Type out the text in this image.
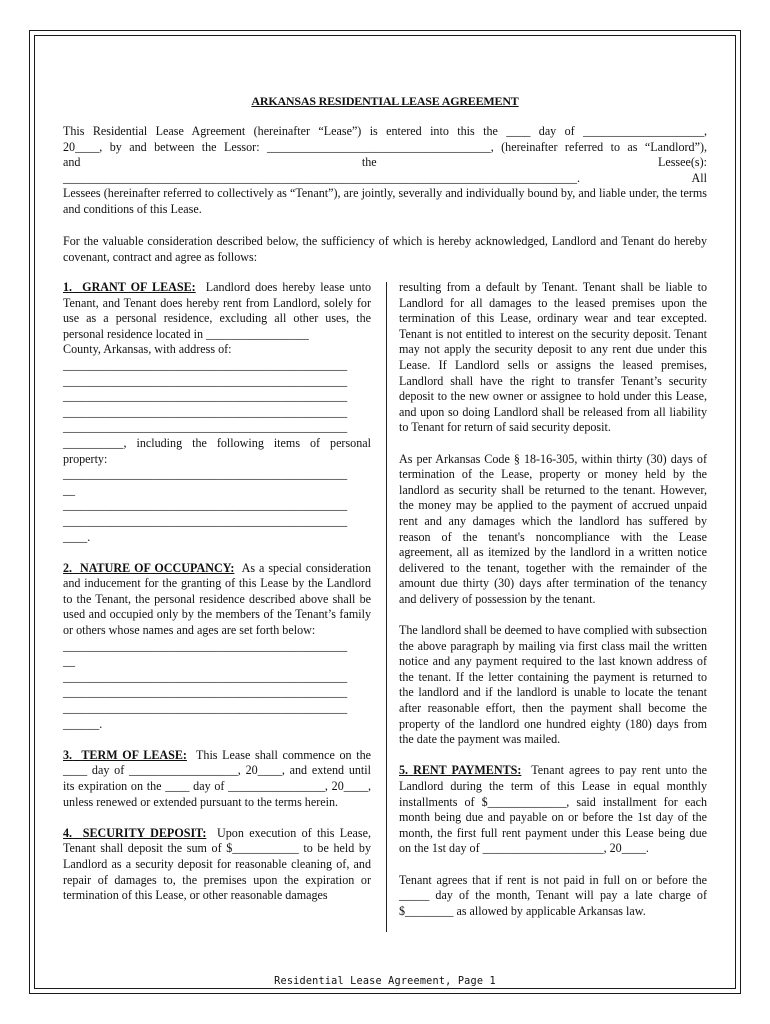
ARKANSAS RESIDENTIAL LEASE AGREEMENT
This Residential Lease Agreement (hereinafter “Lease”) is entered into this the ____ day of ____________________,
20____, by and between the Lessor: _____________________________________, (hereinafter referred to as “Landlord”),
and	the	Lessee(s):
_____________________________________________________________________________________. All
Lessees (hereinafter referred to collectively as “Tenant”), are jointly, severally and individually bound by, and liable under, the terms and conditions of this Lease.
For the valuable consideration described below, the sufficiency of which is hereby acknowledged, Landlord and Tenant do hereby covenant, contract and agree as follows:

1. GRANT OF LEASE: Landlord does hereby lease unto Tenant, and Tenant does hereby rent from Landlord, solely for use as a personal residence, excluding all other uses, the personal residence located in _________________

County, Arkansas, with address of:

_______________________________________________

_______________________________________________

_______________________________________________

_______________________________________________

_______________________________________________

__________, including the following items of personal

property:

_______________________________________________

__

_______________________________________________

_______________________________________________

____.

2. NATURE OF OCCUPANCY: As a special consideration and inducement for the granting of this Lease by the Landlord to the Tenant, the personal residence described above shall be used and occupied only by the members of the Tenant’s family or others whose names and ages are set forth below:

_______________________________________________

__

_______________________________________________

_______________________________________________

_______________________________________________

______.

3. TERM OF LEASE: This Lease shall commence on the ____ day of __________________, 20____, and extend until its expiration on the ____ day of ________________, 20____, unless renewed or extended pursuant to the terms herein.

4. SECURITY DEPOSIT: Upon execution of this Lease, Tenant shall deposit the sum of $___________ to be held by Landlord as a security deposit for reasonable cleaning of, and repair of damages to, the premises upon the expiration or termination of this Lease, or other reasonable damages

resulting from a default by Tenant. Tenant shall be liable to Landlord for all damages to the leased premises upon the termination of this Lease, ordinary wear and tear excepted. Tenant is not entitled to interest on the security deposit. Tenant may not apply the security deposit to any rent due under this Lease. If Landlord sells or assigns the leased premises, Landlord shall have the right to transfer Tenant’s security deposit to the new owner or assignee to hold under this Lease, and upon so doing Landlord shall be released from all liability to Tenant for return of said security deposit.

As per Arkansas Code § 18-16-305, within thirty (30) days of termination of the Lease, property or money held by the landlord as security shall be returned to the tenant. However, the money may be applied to the payment of accrued unpaid rent and any damages which the landlord has suffered by reason of the tenant's noncompliance with the Lease agreement, all as itemized by the landlord in a written notice delivered to the tenant, together with the remainder of the amount due thirty (30) days after termination of the tenancy and delivery of possession by the tenant.

The landlord shall be deemed to have complied with subsection the above paragraph by mailing via first class mail the written notice and any payment required to the last known address of the tenant. If the letter containing the payment is returned to the landlord and if the landlord is unable to locate the tenant after reasonable effort, then the payment shall become the property of the landlord one hundred eighty (180) days from the date the payment was mailed.

5. RENT PAYMENTS: Tenant agrees to pay rent unto the Landlord during the term of this Lease in equal monthly installments of $_____________, said installment for each month being due and payable on or before the 1st day of the month, the first full rent payment under this Lease being due on the 1st day of ____________________, 20____.

Tenant agrees that if rent is not paid in full on or before the _____ day of the month, Tenant will pay a late charge of $________ as allowed by applicable Arkansas law.

Residential Lease Agreement, Page 1
